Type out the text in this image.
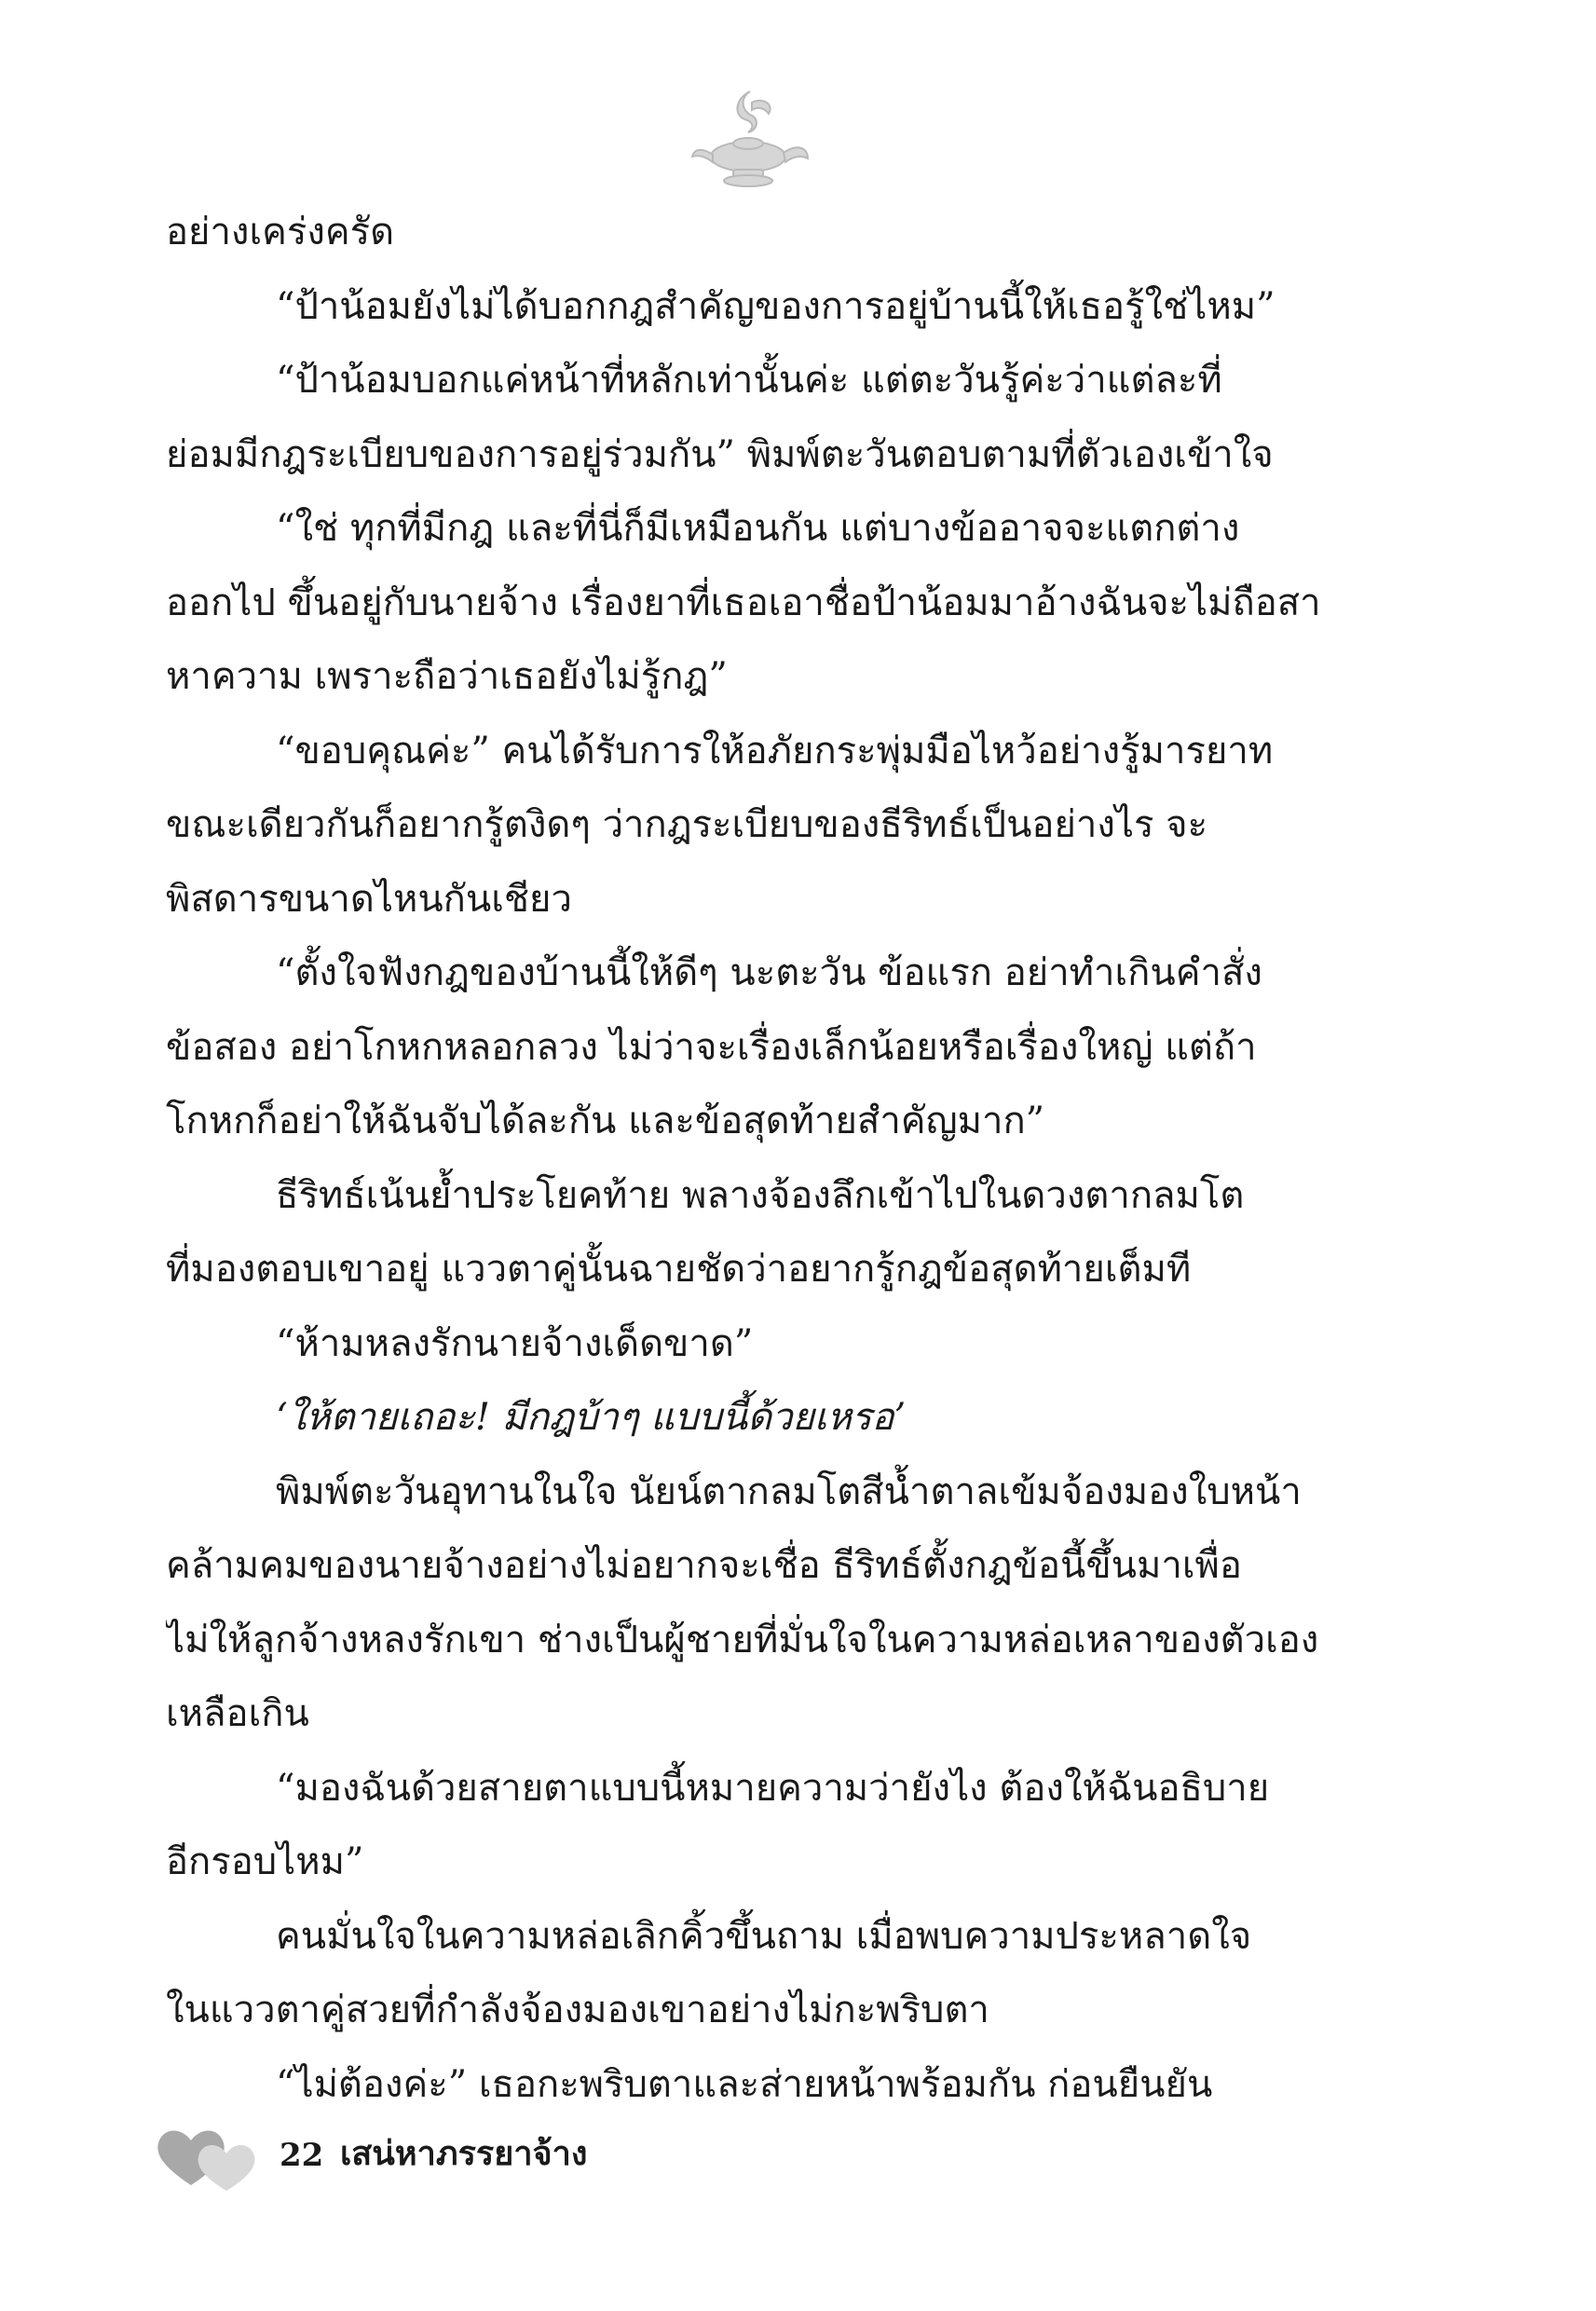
อย่างเคร่งครัด
“ป้าน้อมยังไม่ได้บอกกฎสำคัญของการอยู่บ้านนี้ให้เธอรู้ใช่ไหม”
“ป้าน้อมบอกแค่หน้าที่หลักเท่านั้นค่ะ แต่ตะวันรู้ค่ะว่าแต่ละที่
ย่อมมีกฎระเบียบของการอยู่ร่วมกัน” พิมพ์ตะวันตอบตามที่ตัวเองเข้าใจ
“ใช่ ทุกที่มีกฎ และที่นี่ก็มีเหมือนกัน แต่บางข้ออาจจะแตกต่าง
ออกไป ขึ้นอยู่กับนายจ้าง เรื่องยาที่เธอเอาชื่อป้าน้อมมาอ้างฉันจะไม่ถือสา
หาความ เพราะถือว่าเธอยังไม่รู้กฎ”
“ขอบคุณค่ะ” คนได้รับการให้อภัยกระพุ่มมือไหว้อย่างรู้มารยาท
ขณะเดียวกันก็อยากรู้ตงิดๆ ว่ากฎระเบียบของธีริทธ์เป็นอย่างไร จะ
พิสดารขนาดไหนกันเชียว
“ตั้งใจฟังกฎของบ้านนี้ให้ดีๆ นะตะวัน ข้อแรก อย่าทำเกินคำสั่ง
ข้อสอง อย่าโกหกหลอกลวง ไม่ว่าจะเรื่องเล็กน้อยหรือเรื่องใหญ่ แต่ถ้า
โกหกก็อย่าให้ฉันจับได้ละกัน และข้อสุดท้ายสำคัญมาก”
ธีริทธ์เน้นย้ำประโยคท้าย พลางจ้องลึกเข้าไปในดวงตากลมโต
ที่มองตอบเขาอยู่ แววตาคู่นั้นฉายชัดว่าอยากรู้กฎข้อสุดท้ายเต็มที
“ห้ามหลงรักนายจ้างเด็ดขาด”
‘ให้ตายเถอะ! มีกฎบ้าๆ แบบนี้ด้วยเหรอ’
พิมพ์ตะวันอุทานในใจ นัยน์ตากลมโตสีน้ำตาลเข้มจ้องมองใบหน้า
คล้ามคมของนายจ้างอย่างไม่อยากจะเชื่อ ธีริทธ์ตั้งกฎข้อนี้ขึ้นมาเพื่อ
ไม่ให้ลูกจ้างหลงรักเขา ช่างเป็นผู้ชายที่มั่นใจในความหล่อเหลาของตัวเอง
เหลือเกิน
“มองฉันด้วยสายตาแบบนี้หมายความว่ายังไง ต้องให้ฉันอธิบาย
อีกรอบไหม”
คนมั่นใจในความหล่อเลิกคิ้วขึ้นถาม เมื่อพบความประหลาดใจ
ในแววตาคู่สวยที่กำลังจ้องมองเขาอย่างไม่กะพริบตา
“ไม่ต้องค่ะ” เธอกะพริบตาและส่ายหน้าพร้อมกัน ก่อนยืนยัน
22 เสน่หาภรรยาจ้าง
